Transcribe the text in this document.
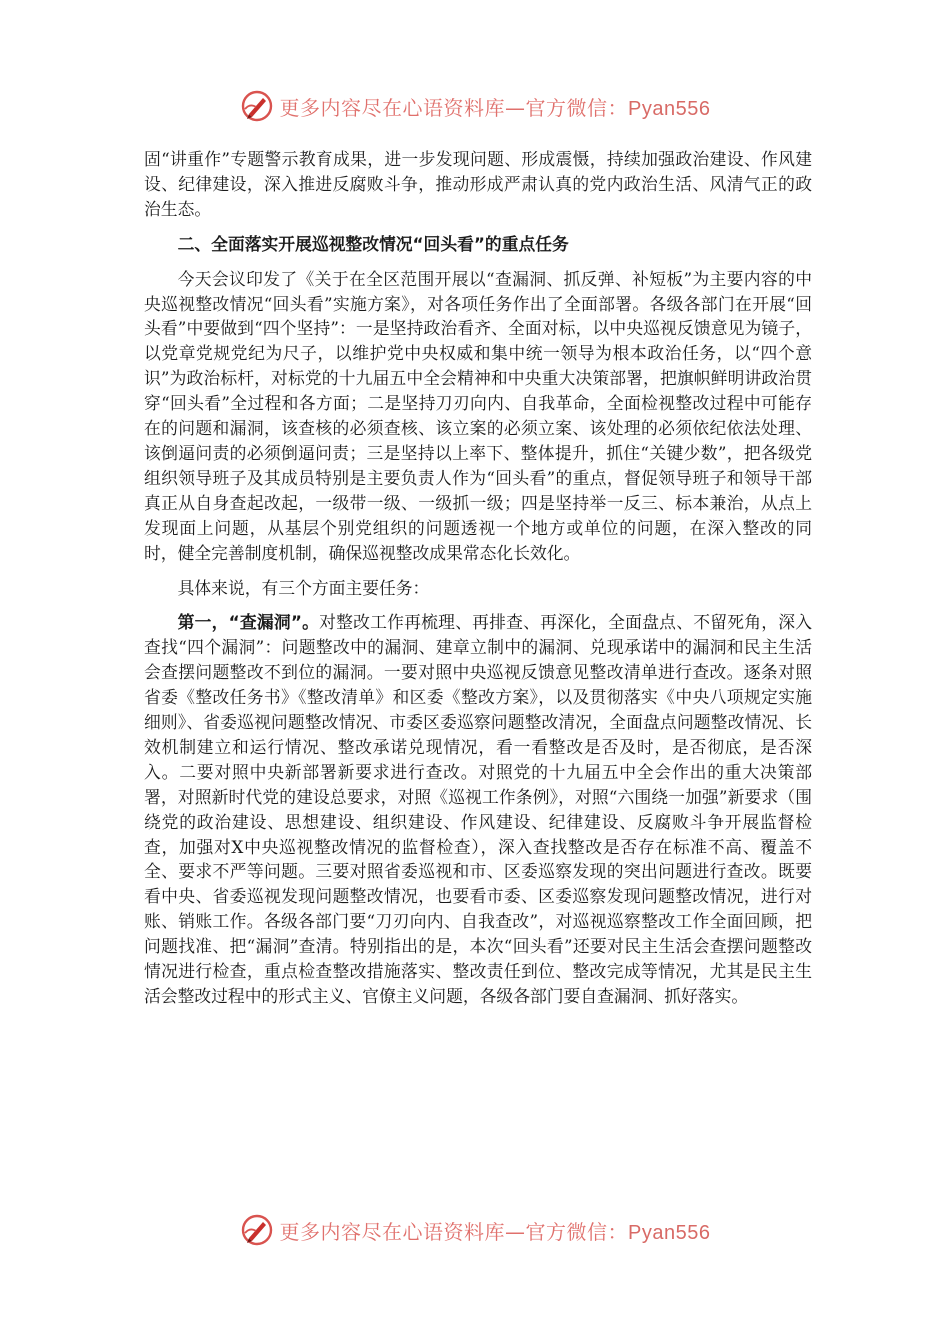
更多内容尽在心语资料库—官方微信：Pyan556

固“讲重作”专题警示教育成果，进一步发现问题、形成震慑，持续加强政治建设、作风建设、纪律建设，深入推进反腐败斗争，推动形成严肃认真的党内政治生活、风清气正的政治生态。

二、全面落实开展巡视整改情况“回头看”的重点任务

今天会议印发了《关于在全区范围开展以“查漏洞、抓反弹、补短板”为主要内容的中央巡视整改情况“回头看”实施方案》，对各项任务作出了全面部署。各级各部门在开展“回头看”中要做到“四个坚持”：一是坚持政治看齐、全面对标，以中央巡视反馈意见为镜子，以党章党规党纪为尺子，以维护党中央权威和集中统一领导为根本政治任务，以“四个意识”为政治标杆，对标党的十九届五中全会精神和中央重大决策部署，把旗帜鲜明讲政治贯穿“回头看”全过程和各方面；二是坚持刀刃向内、自我革命，全面检视整改过程中可能存在的问题和漏洞，该查核的必须查核、该立案的必须立案、该处理的必须依纪依法处理、该倒逼问责的必须倒逼问责；三是坚持以上率下、整体提升，抓住“关键少数”，把各级党组织领导班子及其成员特别是主要负责人作为“回头看”的重点，督促领导班子和领导干部真正从自身查起改起，一级带一级、一级抓一级；四是坚持举一反三、标本兼治，从点上发现面上问题，从基层个别党组织的问题透视一个地方或单位的问题，在深入整改的同时，健全完善制度机制，确保巡视整改成果常态化长效化。

具体来说，有三个方面主要任务：

第一，“查漏洞”。对整改工作再梳理、再排查、再深化，全面盘点、不留死角，深入查找“四个漏洞”：问题整改中的漏洞、建章立制中的漏洞、兑现承诺中的漏洞和民主生活会查摆问题整改不到位的漏洞。一要对照中央巡视反馈意见整改清单进行查改。逐条对照省委《整改任务书》《整改清单》和区委《整改方案》，以及贯彻落实《中央八项规定实施细则》、省委巡视问题整改情况、市委区委巡察问题整改清况，全面盘点问题整改情况、长效机制建立和运行情况、整改承诺兑现情况，看一看整改是否及时，是否彻底，是否深入。二要对照中央新部署新要求进行查改。对照党的十九届五中全会作出的重大决策部署，对照新时代党的建设总要求，对照《巡视工作条例》，对照“六围绕一加强”新要求（围绕党的政治建设、思想建设、组织建设、作风建设、纪律建设、反腐败斗争开展监督检查，加强对X中央巡视整改情况的监督检查），深入查找整改是否存在标准不高、覆盖不全、要求不严等问题。三要对照省委巡视和市、区委巡察发现的突出问题进行查改。既要看中央、省委巡视发现问题整改情况，也要看市委、区委巡察发现问题整改情况，进行对账、销账工作。各级各部门要“刀刃向内、自我查改”，对巡视巡察整改工作全面回顾，把问题找准、把“漏洞”查清。特别指出的是，本次“回头看”还要对民主生活会查摆问题整改情况进行检查，重点检查整改措施落实、整改责任到位、整改完成等情况，尤其是民主生活会整改过程中的形式主义、官僚主义问题，各级各部门要自查漏洞、抓好落实。

更多内容尽在心语资料库—官方微信：Pyan556
